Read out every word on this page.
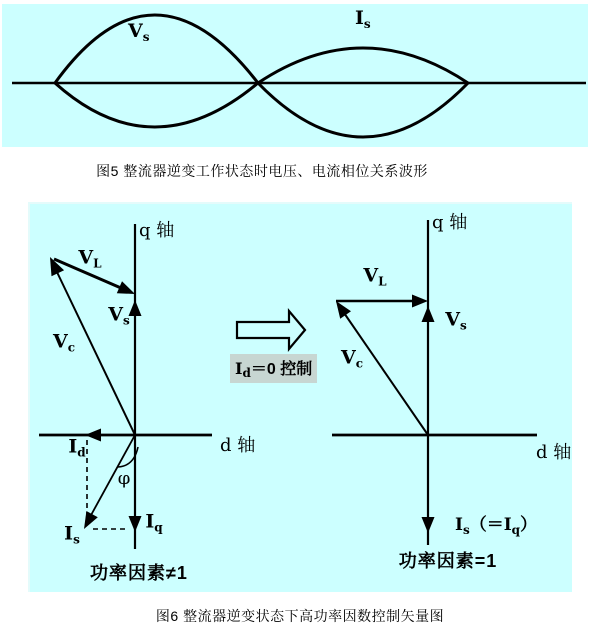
$V_s$
$I_s$
图5 整流器逆变工作状态时电压、电流相位关系波形
q 轴
d 轴
$V_L$
$V_s$
$V_c$
$I_d$
φ
$I_s$
$I_q$
功率因素≠1
$I_d=0$ 控制
q 轴
d 轴
$V_L$
$V_s$
$V_c$
$I_s(=I_q)$
功率因素=1
图6 整流器逆变状态下高功率因数控制矢量图
